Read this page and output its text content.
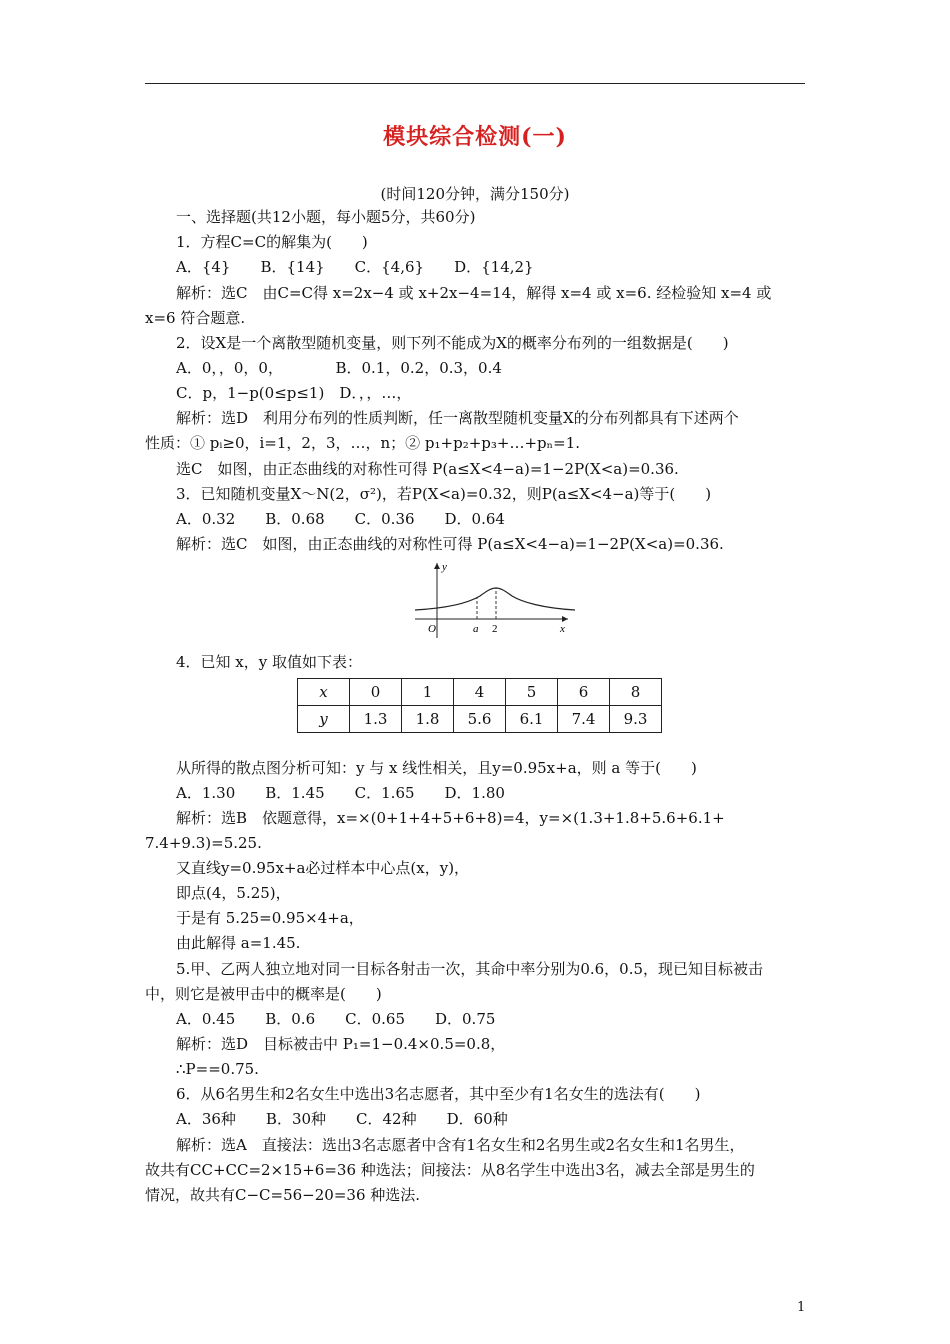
模块综合检测(一)
(时间120分钟，满分150分)
一、选择题(共12小题，每小题5分，共60分)
1．方程C=C的解集为(　　)
A．{4}　　B．{14}　　C．{4,6}　　D．{14,2}
解析：选C　由C=C得 x=2x−4 或 x+2x−4=14，解得 x=4 或 x=6. 经检验知 x=4 或
x=6 符合题意.
2．设X是一个离散型随机变量，则下列不能成为X的概率分布列的一组数据是(　　)
A．0，，0，0，　　　　B．0.1，0.2，0.3，0.4
C．p，1−p(0≤p≤1)　D．，，…，
解析：选D　利用分布列的性质判断，任一离散型随机变量X的分布列都具有下述两个
性质：① pᵢ≥0，i=1，2，3，…，n；② p₁+p₂+p₃+…+pₙ=1.
选C　如图，由正态曲线的对称性可得 P(a≤X<4−a)=1−2P(X<a)=0.36.
3．已知随机变量X～N(2，σ²)，若P(X<a)=0.32，则P(a≤X<4−a)等于(　　)
A．0.32　　B．0.68　　C．0.36　　D．0.64
解析：选C　如图，由正态曲线的对称性可得 P(a≤X<4−a)=1−2P(X<a)=0.36.
y
x
O	a 2
4．已知 x，y 取值如下表：
x	0	1	4	5	6	8
y	1.3	1.8	5.6	6.1	7.4	9.3
从所得的散点图分析可知：y 与 x 线性相关，且y=0.95x+a，则 a 等于(　　)
A．1.30　　B．1.45　　C．1.65　　D．1.80
解析：选B　依题意得，x=×(0+1+4+5+6+8)=4，y=×(1.3+1.8+5.6+6.1+
7.4+9.3)=5.25.
又直线y=0.95x+a必过样本中心点(x，y)，
即点(4，5.25)，
于是有 5.25=0.95×4+a，
由此解得 a=1.45.
5.甲、乙两人独立地对同一目标各射击一次，其命中率分别为0.6，0.5，现已知目标被击
中，则它是被甲击中的概率是(　　)
A．0.45　　B．0.6　　C．0.65　　D．0.75
解析：选D　目标被击中 P₁=1−0.4×0.5=0.8，
∴P==0.75.
6．从6名男生和2名女生中选出3名志愿者，其中至少有1名女生的选法有(　　)
A．36种　　B．30种　　C．42种　　D．60种
解析：选A　直接法：选出3名志愿者中含有1名女生和2名男生或2名女生和1名男生，
故共有CC+CC=2×15+6=36 种选法；间接法：从8名学生中选出3名，减去全部是男生的
情况，故共有C−C=56−20=36 种选法.
1
